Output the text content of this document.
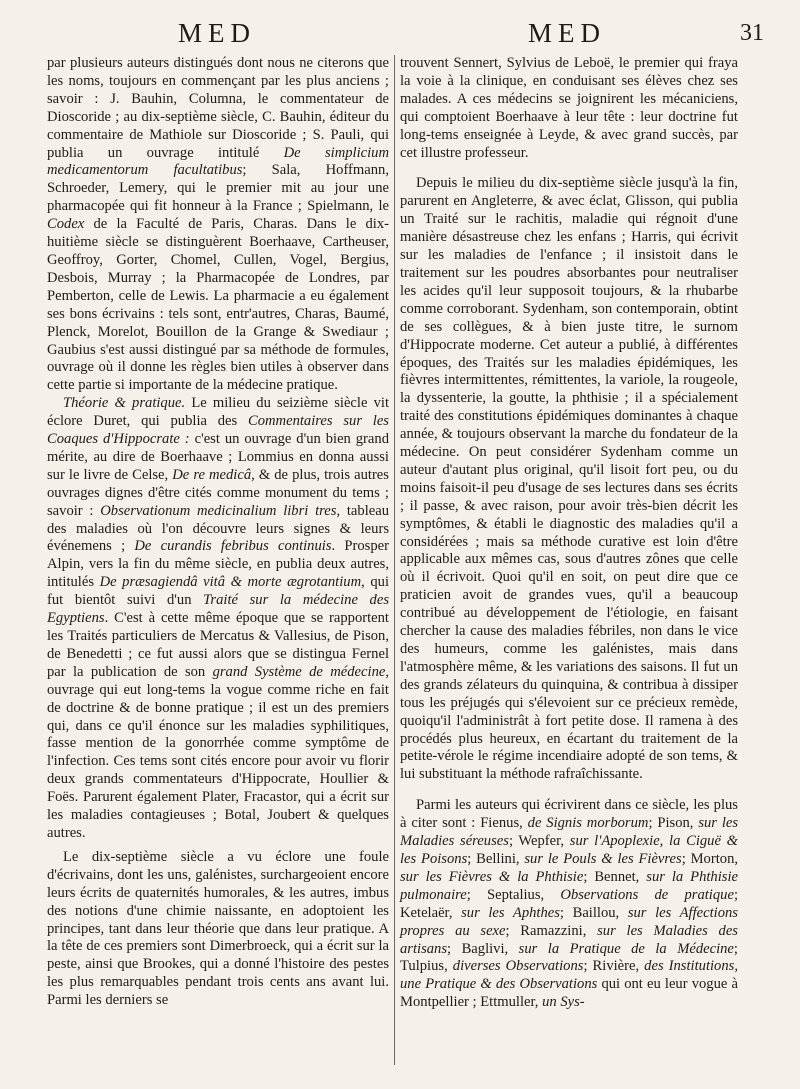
MED	MED	31

par plusieurs auteurs distingués dont nous ne citerons que les noms, toujours en commençant par les plus anciens ; savoir : J. Bauhin, Columna, le commentateur de Dioscoride ; au dix-septième siècle, C. Bauhin, éditeur du commentaire de Mathiole sur Dioscoride ; S. Pauli, qui publia un ouvrage intitulé De simplicium medicamentorum facultatibus; Sala, Hoffmann, Schroeder, Lemery, qui le premier mit au jour une pharmacopée qui fit honneur à la France ; Spielmann, le Codex de la Faculté de Paris, Charas. Dans le dix-huitième siècle se distinguèrent Boerhaave, Cartheuser, Geoffroy, Gorter, Chomel, Cullen, Vogel, Bergius, Desbois, Murray ; la Pharmacopée de Londres, par Pemberton, celle de Lewis. La pharmacie a eu également ses bons écrivains : tels sont, entr'autres, Charas, Baumé, Plenck, Morelot, Bouillon de la Grange & Swediaur ; Gaubius s'est aussi distingué par sa méthode de formules, ouvrage où il donne les règles bien utiles à observer dans cette partie si importante de la médecine pratique.

Théorie & pratique. Le milieu du seizième siècle vit éclore Duret, qui publia des Commentaires sur les Coaques d'Hippocrate : c'est un ouvrage d'un bien grand mérite, au dire de Boerhaave ; Lommius en donna aussi sur le livre de Celse, De re medicâ, & de plus, trois autres ouvrages dignes d'être cités comme monument du tems ; savoir : Observationum medicinalium libri tres, tableau des maladies où l'on découvre leurs signes & leurs événemens ; De curandis febribus continuis. Prosper Alpin, vers la fin du même siècle, en publia deux autres, intitulés De præsagiendâ vitâ & morte ægrotantium, qui fut bientôt suivi d'un Traité sur la médecine des Egyptiens. C'est à cette même époque que se rapportent les Traités particuliers de Mercatus & Vallesius, de Pison, de Benedetti ; ce fut aussi alors que se distingua Fernel par la publication de son grand Système de médecine, ouvrage qui eut long-tems la vogue comme riche en fait de doctrine & de bonne pratique ; il est un des premiers qui, dans ce qu'il énonce sur les maladies syphilitiques, fasse mention de la gonorrhée comme symptôme de l'infection. Ces tems sont cités encore pour avoir vu florir deux grands commentateurs d'Hippocrate, Houllier & Foës. Parurent également Plater, Fracastor, qui a écrit sur les maladies contagieuses ; Botal, Joubert & quelques autres.

Le dix-septième siècle a vu éclore une foule d'écrivains, dont les uns, galénistes, surchargeoient encore leurs écrits de quaternités humorales, & les autres, imbus des notions d'une chimie naissante, en adoptoient les principes, tant dans leur théorie que dans leur pratique. A la tête de ces premiers sont Dimerbroeck, qui a écrit sur la peste, ainsi que Brookes, qui a donné l'histoire des pestes les plus remarquables pendant trois cents ans avant lui. Parmi les derniers se

trouvent Sennert, Sylvius de Leboë, le premier qui fraya la voie à la clinique, en conduisant ses élèves chez ses malades. A ces médecins se joignirent les mécaniciens, qui comptoient Boerhaave à leur tête : leur doctrine fut long-tems enseignée à Leyde, & avec grand succès, par cet illustre professeur.

Depuis le milieu du dix-septième siècle jusqu'à la fin, parurent en Angleterre, & avec éclat, Glisson, qui publia un Traité sur le rachitis, maladie qui régnoit d'une manière désastreuse chez les enfans ; Harris, qui écrivit sur les maladies de l'enfance ; il insistoit dans le traitement sur les poudres absorbantes pour neutraliser les acides qu'il leur supposoit toujours, & la rhubarbe comme corroborant. Sydenham, son contemporain, obtint de ses collègues, & à bien juste titre, le surnom d'Hippocrate moderne. Cet auteur a publié, à différentes époques, des Traités sur les maladies épidémiques, les fièvres intermittentes, rémittentes, la variole, la rougeole, la dyssenterie, la goutte, la phthisie ; il a spécialement traité des constitutions épidémiques dominantes à chaque année, & toujours observant la marche du fondateur de la médecine. On peut considérer Sydenham comme un auteur d'autant plus original, qu'il lisoit fort peu, ou du moins faisoit-il peu d'usage de ses lectures dans ses écrits ; il passe, & avec raison, pour avoir très-bien décrit les symptômes, & établi le diagnostic des maladies qu'il a considérées ; mais sa méthode curative est loin d'être applicable aux mêmes cas, sous d'autres zônes que celle où il écrivoit. Quoi qu'il en soit, on peut dire que ce praticien avoit de grandes vues, qu'il a beaucoup contribué au développement de l'étiologie, en faisant chercher la cause des maladies fébriles, non dans le vice des humeurs, comme les galénistes, mais dans l'atmosphère même, & les variations des saisons. Il fut un des grands zélateurs du quinquina, & contribua à dissiper tous les préjugés qui s'élevoient sur ce précieux remède, quoiqu'il l'administrât à fort petite dose. Il ramena à des procédés plus heureux, en écartant du traitement de la petite-vérole le régime incendiaire adopté de son tems, & lui substituant la méthode rafraîchissante.

Parmi les auteurs qui écrivirent dans ce siècle, les plus à citer sont : Fienus, de Signis morborum; Pison, sur les Maladies séreuses; Wepfer, sur l'Apoplexie, la Ciguë & les Poisons; Bellini, sur le Pouls & les Fièvres; Morton, sur les Fièvres & la Phthisie; Bennet, sur la Phthisie pulmonaire; Septalius, Observations de pratique; Ketelaër, sur les Aphthes; Baillou, sur les Affections propres au sexe; Ramazzini, sur les Maladies des artisans; Baglivi, sur la Pratique de la Médecine; Tulpius, diverses Observations; Rivière, des Institutions, une Pratique & des Observations qui ont eu leur vogue à Montpellier ; Ettmuller, un Sys-
